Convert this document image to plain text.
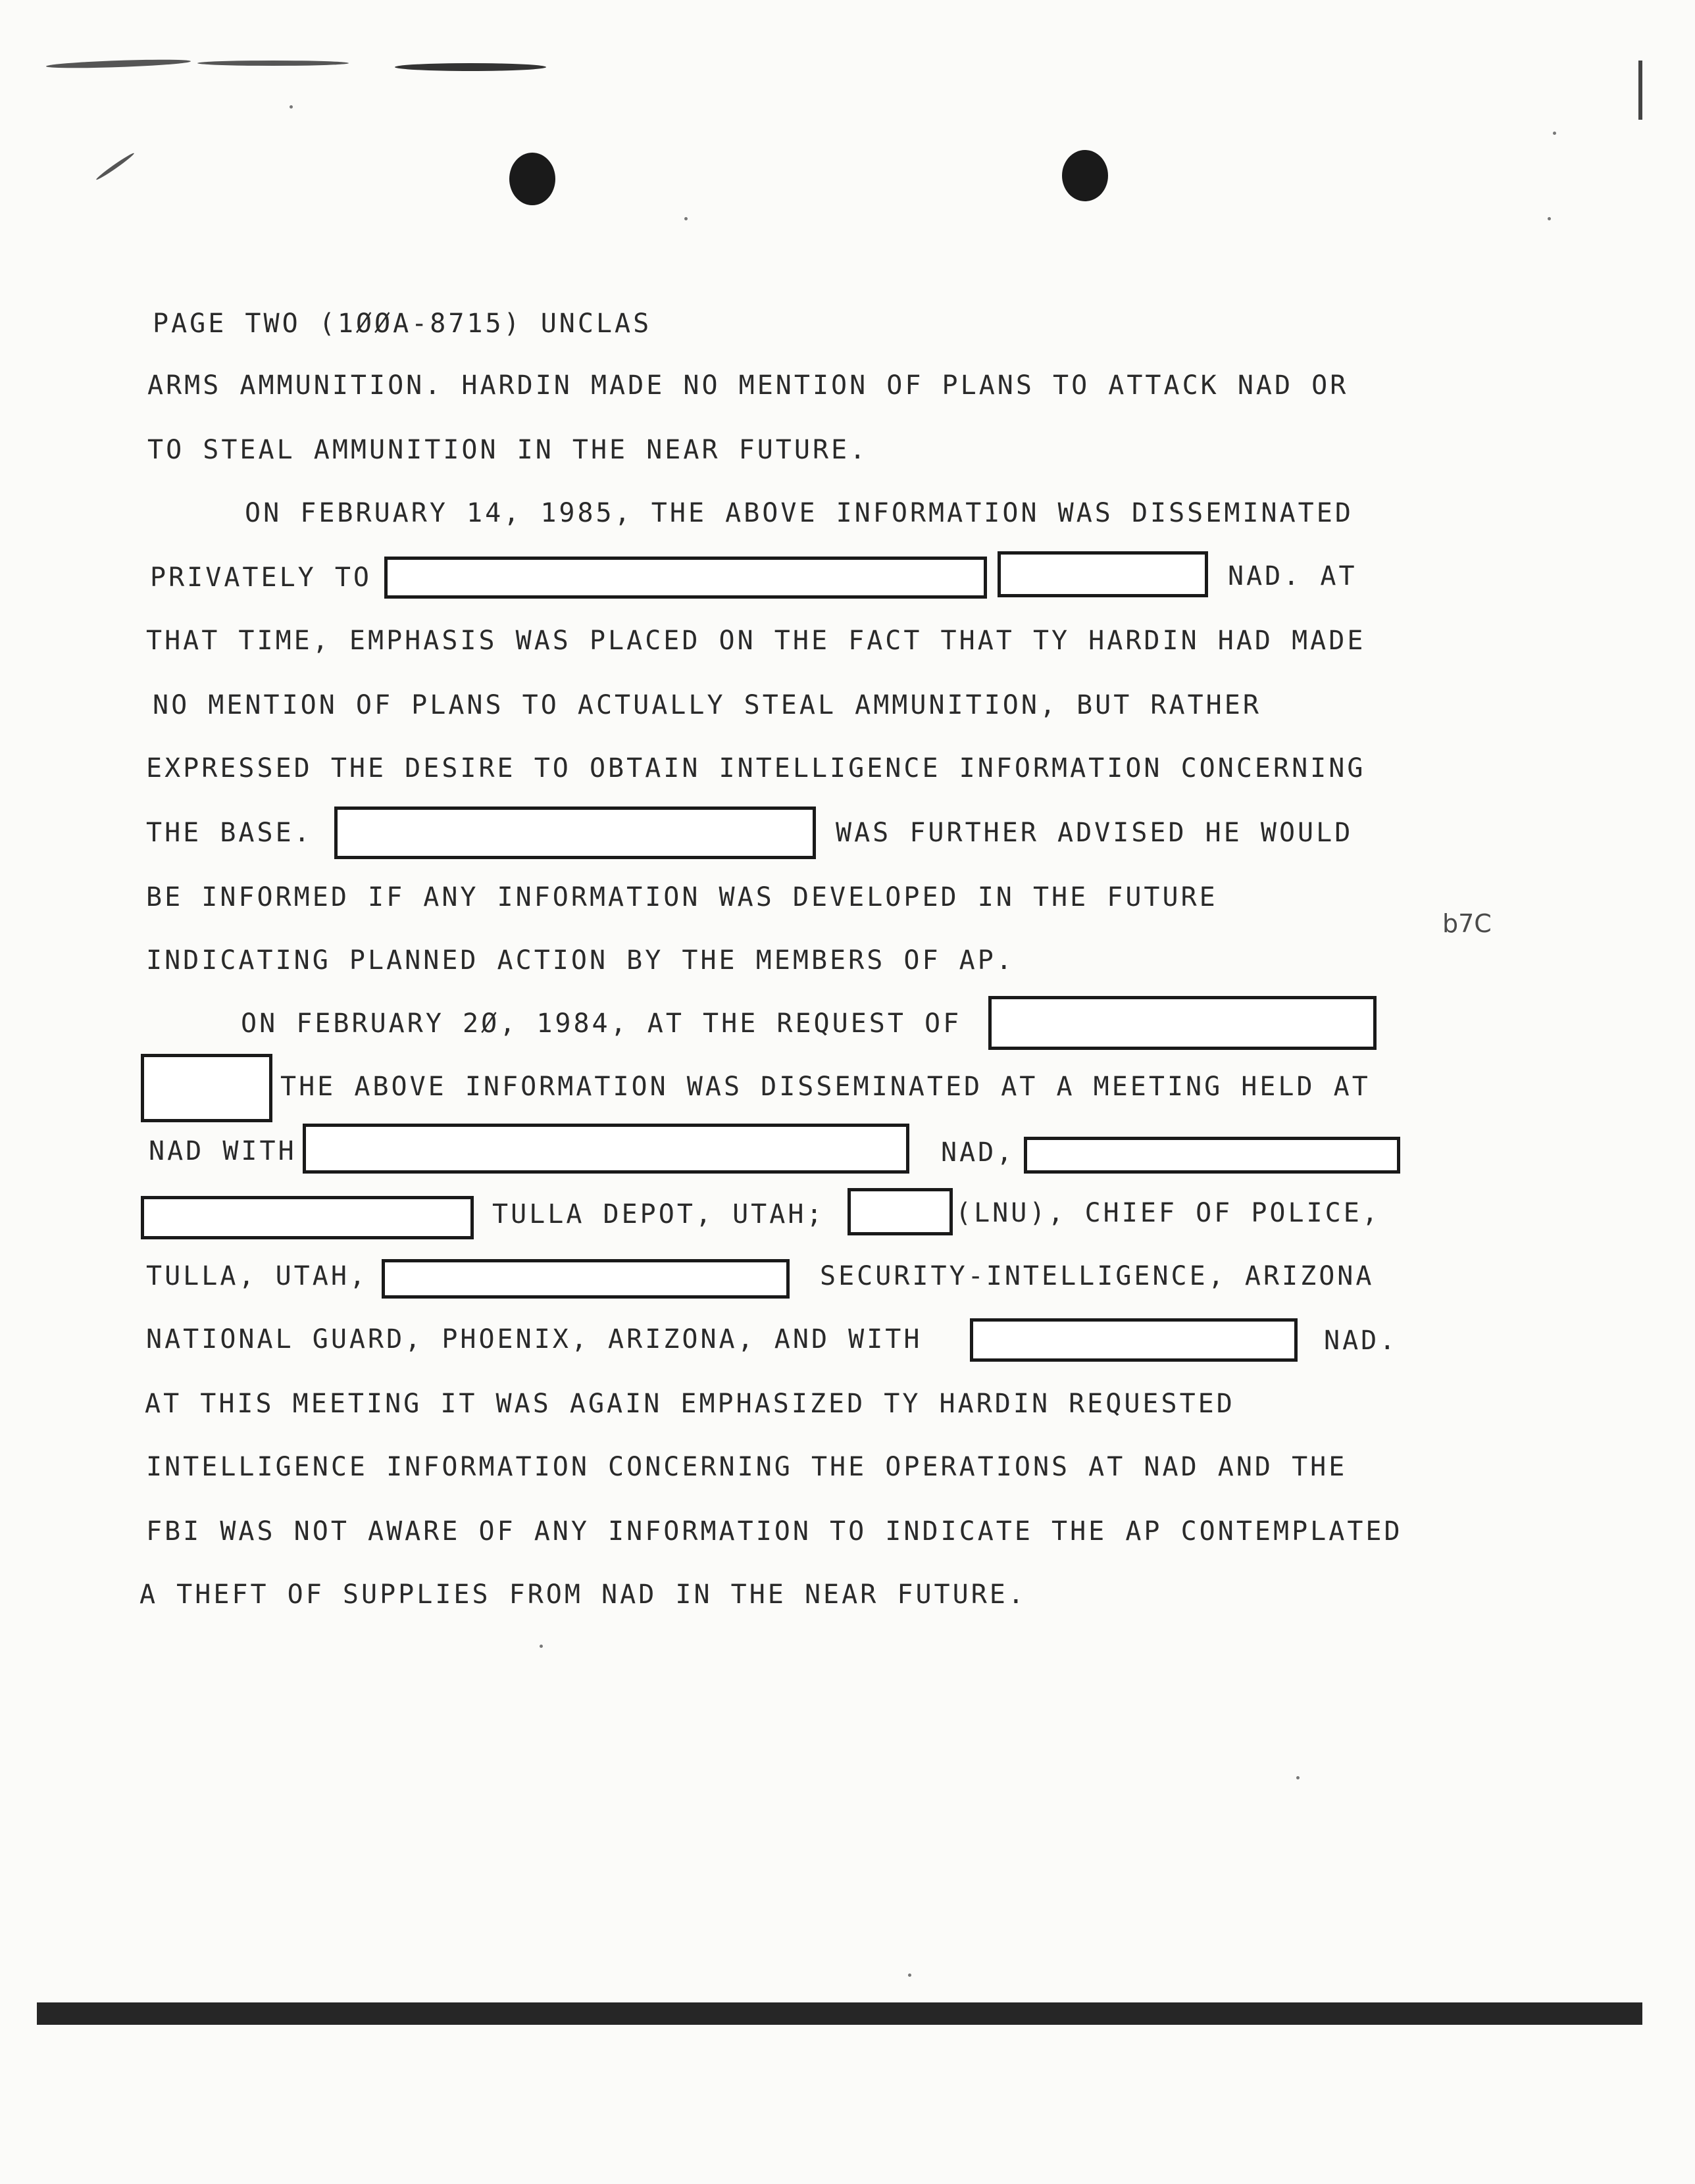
PAGE TWO (1ØØA-8715) UNCLAS
ARMS AMMUNITION. HARDIN MADE NO MENTION OF PLANS TO ATTACK NAD OR
TO STEAL AMMUNITION IN THE NEAR FUTURE.
ON FEBRUARY 14, 1985, THE ABOVE INFORMATION WAS DISSEMINATED
PRIVATELY TO	NAD. AT
THAT TIME, EMPHASIS WAS PLACED ON THE FACT THAT TY HARDIN HAD MADE
NO MENTION OF PLANS TO ACTUALLY STEAL AMMUNITION, BUT RATHER
EXPRESSED THE DESIRE TO OBTAIN INTELLIGENCE INFORMATION CONCERNING
THE BASE.	WAS FURTHER ADVISED HE WOULD
BE INFORMED IF ANY INFORMATION WAS DEVELOPED IN THE FUTURE
b7C
INDICATING PLANNED ACTION BY THE MEMBERS OF AP.
ON FEBRUARY 2Ø, 1984, AT THE REQUEST OF
THE ABOVE INFORMATION WAS DISSEMINATED AT A MEETING HELD AT
NAD WITH	NAD,
TULLA DEPOT, UTAH;	(LNU), CHIEF OF POLICE,
TULLA, UTAH,	SECURITY-INTELLIGENCE, ARIZONA
NATIONAL GUARD, PHOENIX, ARIZONA, AND WITH	NAD.
AT THIS MEETING IT WAS AGAIN EMPHASIZED TY HARDIN REQUESTED
INTELLIGENCE INFORMATION CONCERNING THE OPERATIONS AT NAD AND THE
FBI WAS NOT AWARE OF ANY INFORMATION TO INDICATE THE AP CONTEMPLATED
A THEFT OF SUPPLIES FROM NAD IN THE NEAR FUTURE.
